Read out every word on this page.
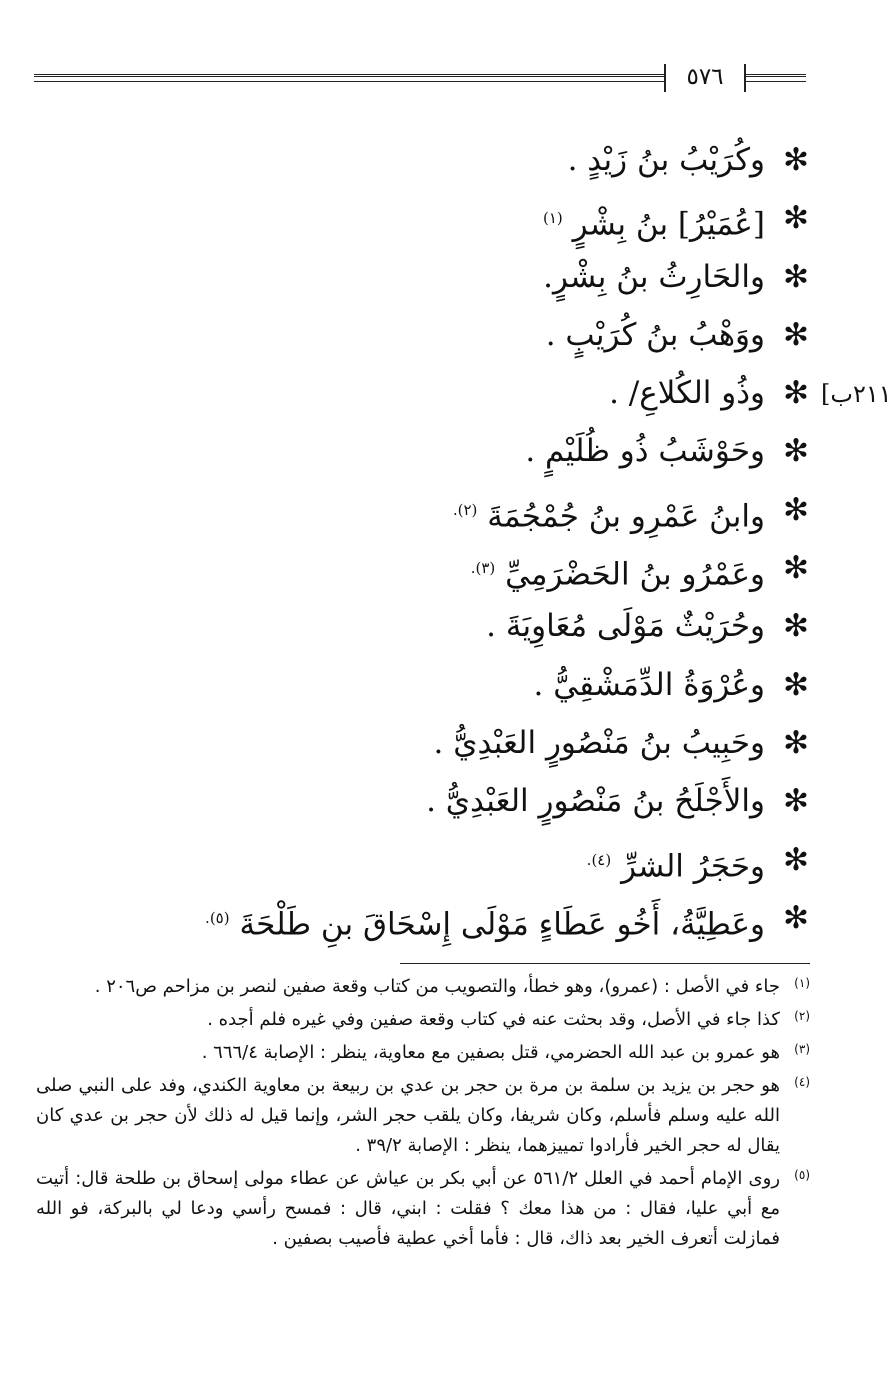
٥٧٦
٢١١ب]
✻
وكُرَيْبُ بنُ زَيْدٍ .
✻
[عُمَيْرُ] بنُ بِشْرٍ $^{(١)}$
✻
والحَارِثُ بنُ بِشْرٍ.
✻
ووَهْبُ بنُ كُرَيْبٍ .
✻
وذُو الكُلاعِ/ .
✻
وحَوْشَبُ ذُو ظُلَيْمٍ .
✻
وابنُ عَمْرِو بنُ جُمْجُمَةَ $^{(٢).}$
✻
وعَمْرُو بنُ الحَضْرَمِيِّ $^{(٣).}$
✻
وحُرَيْثٌ مَوْلَى مُعَاوِيَةَ .
✻
وعُرْوَةُ الدِّمَشْقِيُّ .
✻
وحَبِيبُ بنُ مَنْصُورٍ العَبْدِيُّ .
✻
والأَجْلَحُ بنُ مَنْصُورٍ العَبْدِيُّ .
✻
وحَجَرُ الشرِّ $^{(٤).}$
✻
وعَطِيَّةُ، أَخُو عَطَاءٍ مَوْلَى إِسْحَاقَ بنِ طَلْحَةَ $^{(٥).}$
(١)
جاء في الأصل : (عمرو)، وهو خطأ، والتصويب من كتاب وقعة صفين لنصر بن مزاحم ص٢٠٦ .
(٢)
كذا جاء في الأصل، وقد بحثت عنه في كتاب وقعة صفين وفي غيره فلم أجده .
(٣)
هو عمرو بن عبد الله الحضرمي، قتل بصفين مع معاوية، ينظر : الإصابة ٦٦٦/٤ .
(٤)
هو حجر بن يزيد بن سلمة بن مرة بن حجر بن عدي بن ربيعة بن معاوية الكندي، وفد على النبي صلى الله عليه وسلم فأسلم، وكان شريفا، وكان يلقب حجر الشر، وإنما قيل له ذلك لأن حجر بن عدي كان يقال له حجر الخير فأرادوا تمييزهما، ينظر : الإصابة ٣٩/٢ .
(٥)
روى الإمام أحمد في العلل ٥٦١/٢ عن أبي بكر بن عياش عن عطاء مولى إسحاق بن طلحة قال: أتيت مع أبي عليا، فقال : من هذا معك ؟ فقلت : ابني، قال : فمسح رأسي ودعا لي بالبركة، فو الله فمازلت أتعرف الخير بعد ذاك، قال : فأما أخي عطية فأصيب بصفين .
